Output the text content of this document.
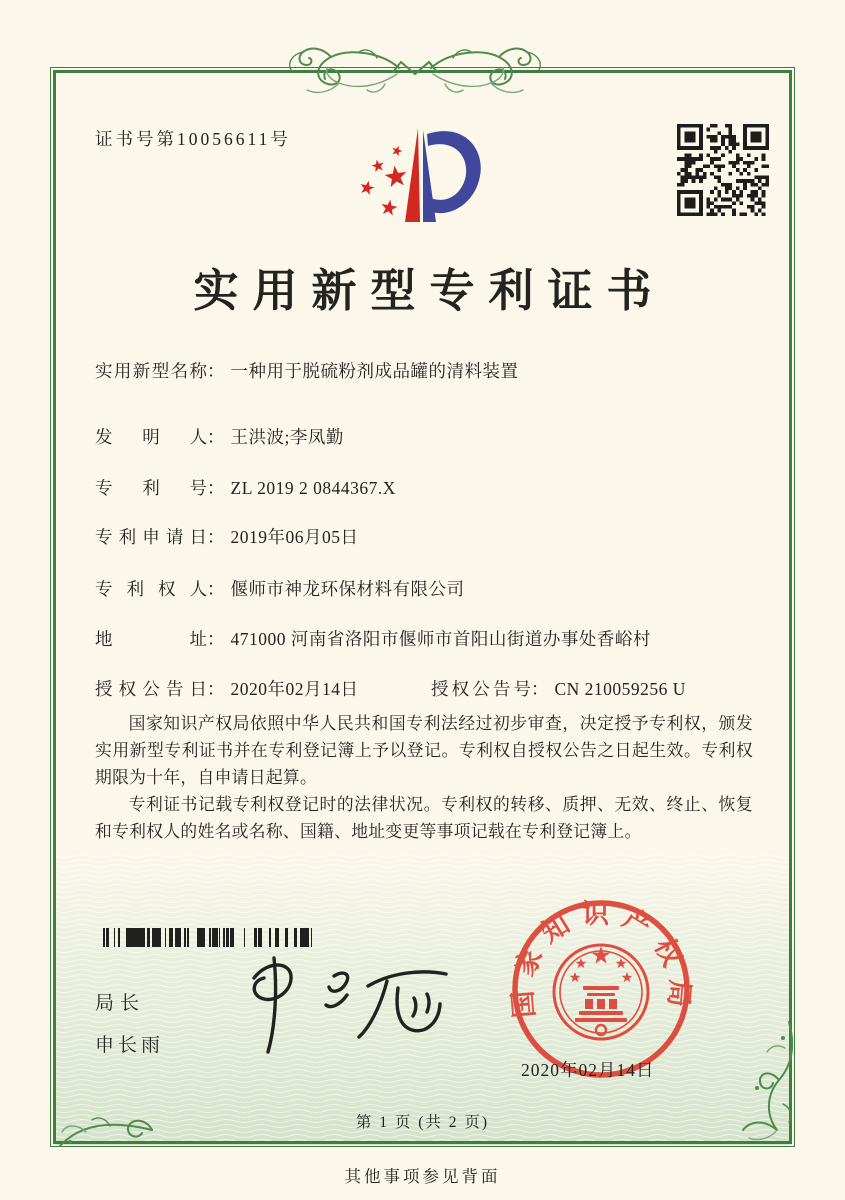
证书号第10056611号
实用新型专利证书
实用新型名称： 一种用于脱硫粉剂成品罐的清料装置
发明人： 王洪波;李凤勤
专利号： ZL 2019 2 0844367.X
专利申请日： 2019年06月05日
专利权人： 偃师市神龙环保材料有限公司
地址： 471000 河南省洛阳市偃师市首阳山街道办事处香峪村
授权公告日： 2020年02月14日	授权公告号： CN 210059256 U

国家知识产权局依照中华人民共和国专利法经过初步审查，决定授予专利权，颁发实用新型专利证书并在专利登记簿上予以登记。专利权自授权公告之日起生效。专利权期限为十年，自申请日起算。

专利证书记载专利权登记时的法律状况。专利权的转移、质押、无效、终止、恢复和专利权人的姓名或名称、国籍、地址变更等事项记载在专利登记簿上。

局长
申长雨
国家知识产权局
2020年02月14日
第 1 页 (共 2 页)
其他事项参见背面
